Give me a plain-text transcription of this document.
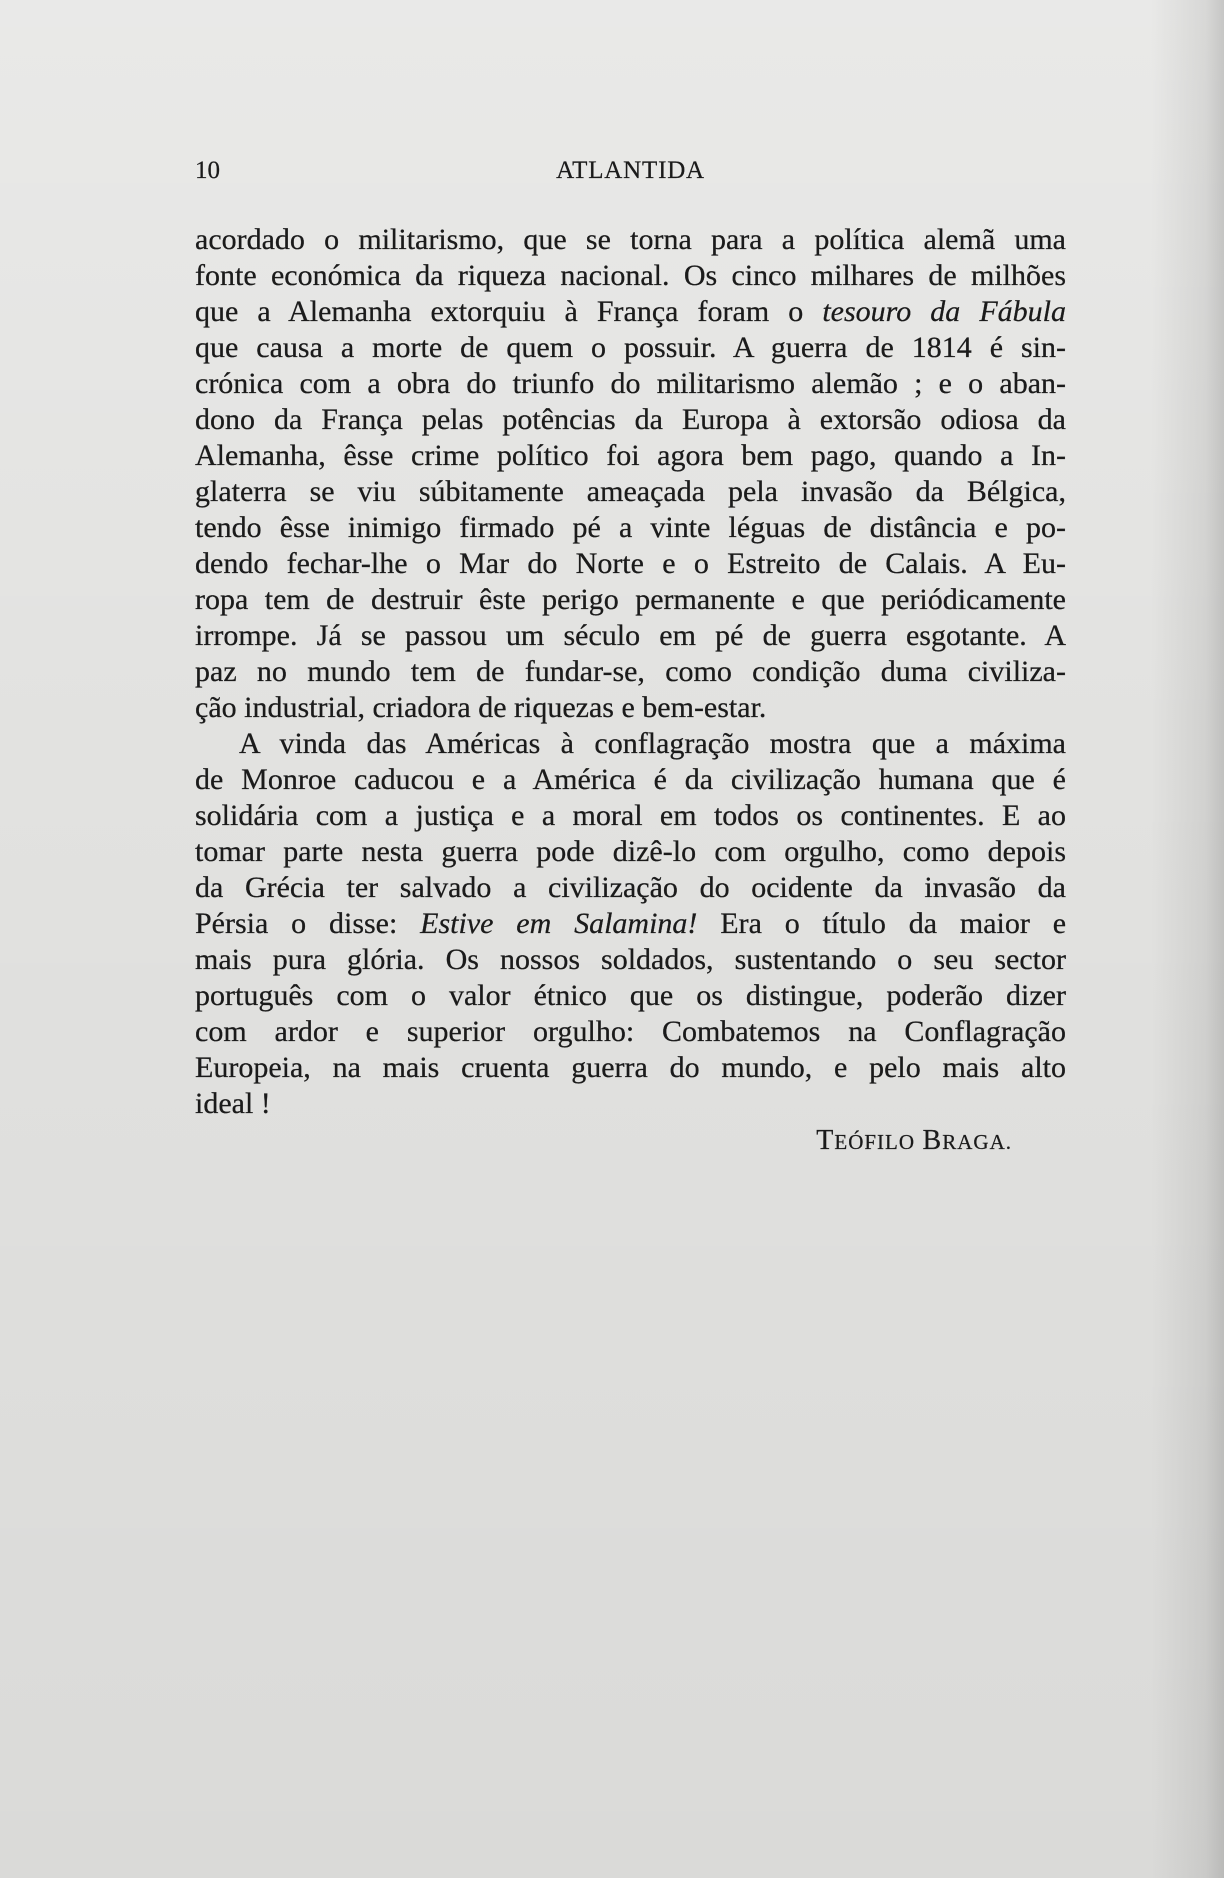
10	ATLANTIDA
acordado o militarismo, que se torna para a política alemã uma
fonte económica da riqueza nacional. Os cinco milhares de milhões
que a Alemanha extorquiu à França foram o tesouro da Fábula
que causa a morte de quem o possuir. A guerra de 1814 é sin-
crónica com a obra do triunfo do militarismo alemão ; e o aban-
dono da França pelas potências da Europa à extorsão odiosa da
Alemanha, êsse crime político foi agora bem pago, quando a In-
glaterra se viu súbitamente ameaçada pela invasão da Bélgica,
tendo êsse inimigo firmado pé a vinte léguas de distância e po-
dendo fechar-lhe o Mar do Norte e o Estreito de Calais. A Eu-
ropa tem de destruir êste perigo permanente e que periódicamente
irrompe. Já se passou um século em pé de guerra esgotante. A
paz no mundo tem de fundar-se, como condição duma civiliza-
ção industrial, criadora de riquezas e bem-estar.
A vinda das Américas à conflagração mostra que a máxima
de Monroe caducou e a América é da civilização humana que é
solidária com a justiça e a moral em todos os continentes. E ao
tomar parte nesta guerra pode dizê-lo com orgulho, como depois
da Grécia ter salvado a civilização do ocidente da invasão da
Pérsia o disse: Estive em Salamina! Era o título da maior e
mais pura glória. Os nossos soldados, sustentando o seu sector
português com o valor étnico que os distingue, poderão dizer
com ardor e superior orgulho: Combatemos na Conflagração
Europeia, na mais cruenta guerra do mundo, e pelo mais alto
ideal !
TEÓFILO BRAGA.
